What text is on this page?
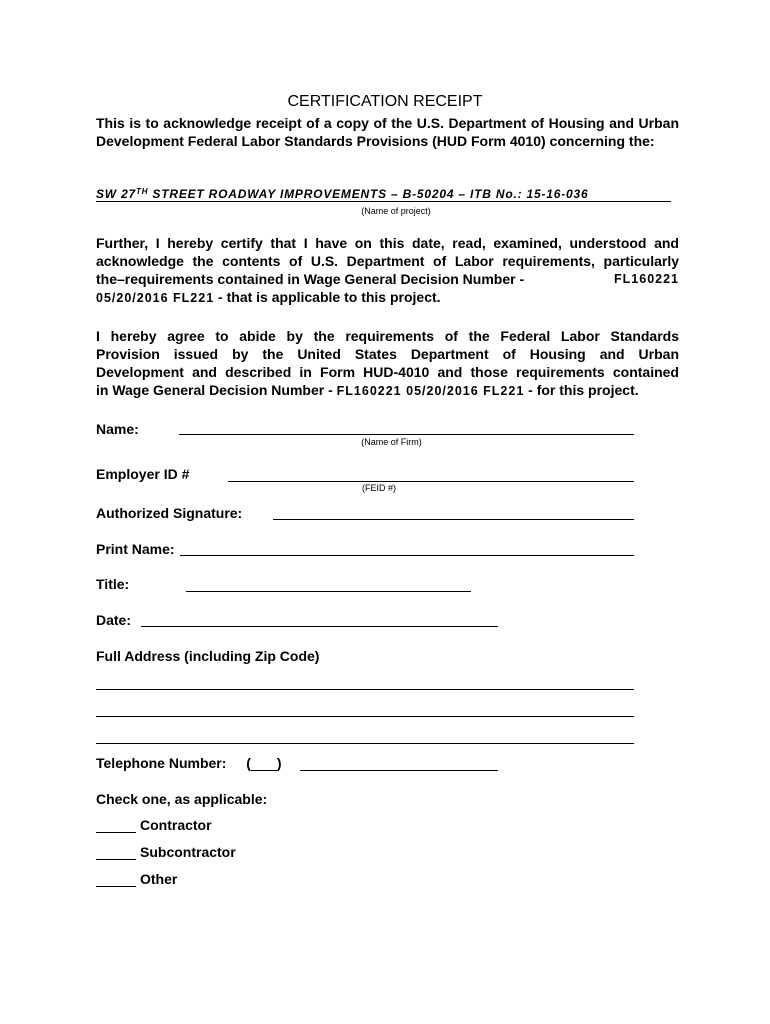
CERTIFICATION RECEIPT
This is to acknowledge receipt of a copy of the U.S. Department of Housing and Urban Development Federal Labor Standards Provisions (HUD Form 4010) concerning the:
SW 27TH STREET ROADWAY IMPROVEMENTS – B-50204 – ITB No.: 15-16-036
(Name of project)
Further, I hereby certify that I have on this date, read, examined, understood and
acknowledge the contents of U.S. Department of Labor requirements, particularly
the–requirements contained in Wage General Decision Number -	FL160221
05/20/2016 FL221 - that is applicable to this project.
I hereby agree to abide by the requirements of the Federal Labor Standards
Provision issued by the United States Department of Housing and Urban
Development and described in Form HUD-4010 and those requirements contained
in Wage General Decision Number - FL160221 05/20/2016 FL221 - for this project.
Name:
(Name of Firm)
Employer ID #
(FEID #)
Authorized Signature:
Print Name:
Title:
Date:
Full Address (including Zip Code)
Telephone Number: ( )
Check one, as applicable:
Contractor
Subcontractor
Other
